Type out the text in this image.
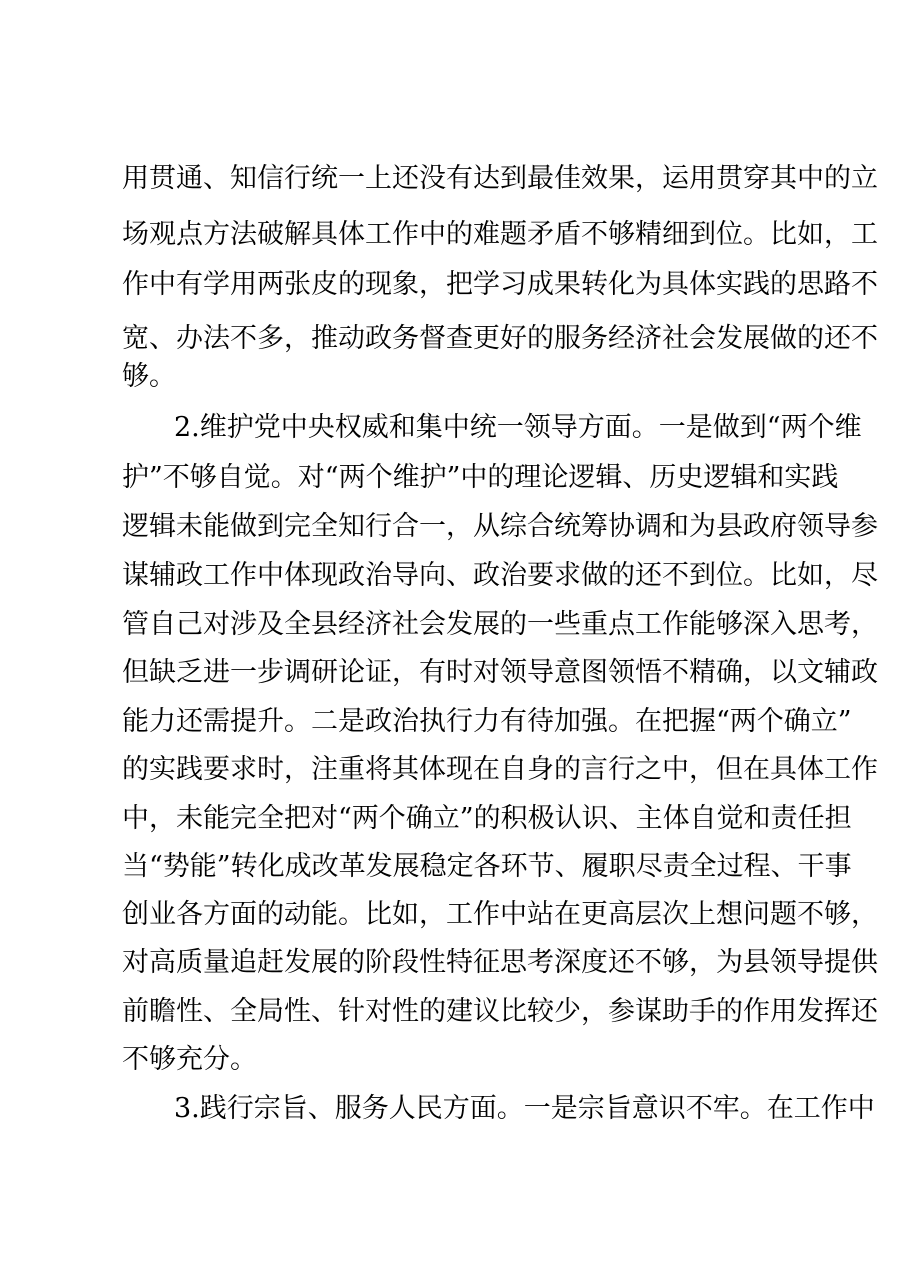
用贯通、知信行统一上还没有达到最佳效果，运用贯穿其中的立
场观点方法破解具体工作中的难题矛盾不够精细到位。比如，工
作中有学用两张皮的现象，把学习成果转化为具体实践的思路不
宽、办法不多，推动政务督查更好的服务经济社会发展做的还不
够。
2.维护党中央权威和集中统一领导方面。一是做到“两个维
护”不够自觉。对“两个维护”中的理论逻辑、历史逻辑和实践
逻辑未能做到完全知行合一，从综合统筹协调和为县政府领导参
谋辅政工作中体现政治导向、政治要求做的还不到位。比如，尽
管自己对涉及全县经济社会发展的一些重点工作能够深入思考，
但缺乏进一步调研论证，有时对领导意图领悟不精确，以文辅政
能力还需提升。二是政治执行力有待加强。在把握“两个确立”
的实践要求时，注重将其体现在自身的言行之中，但在具体工作
中，未能完全把对“两个确立”的积极认识、主体自觉和责任担
当“势能”转化成改革发展稳定各环节、履职尽责全过程、干事
创业各方面的动能。比如，工作中站在更高层次上想问题不够，
对高质量追赶发展的阶段性特征思考深度还不够，为县领导提供
前瞻性、全局性、针对性的建议比较少，参谋助手的作用发挥还
不够充分。
3.践行宗旨、服务人民方面。一是宗旨意识不牢。在工作中
